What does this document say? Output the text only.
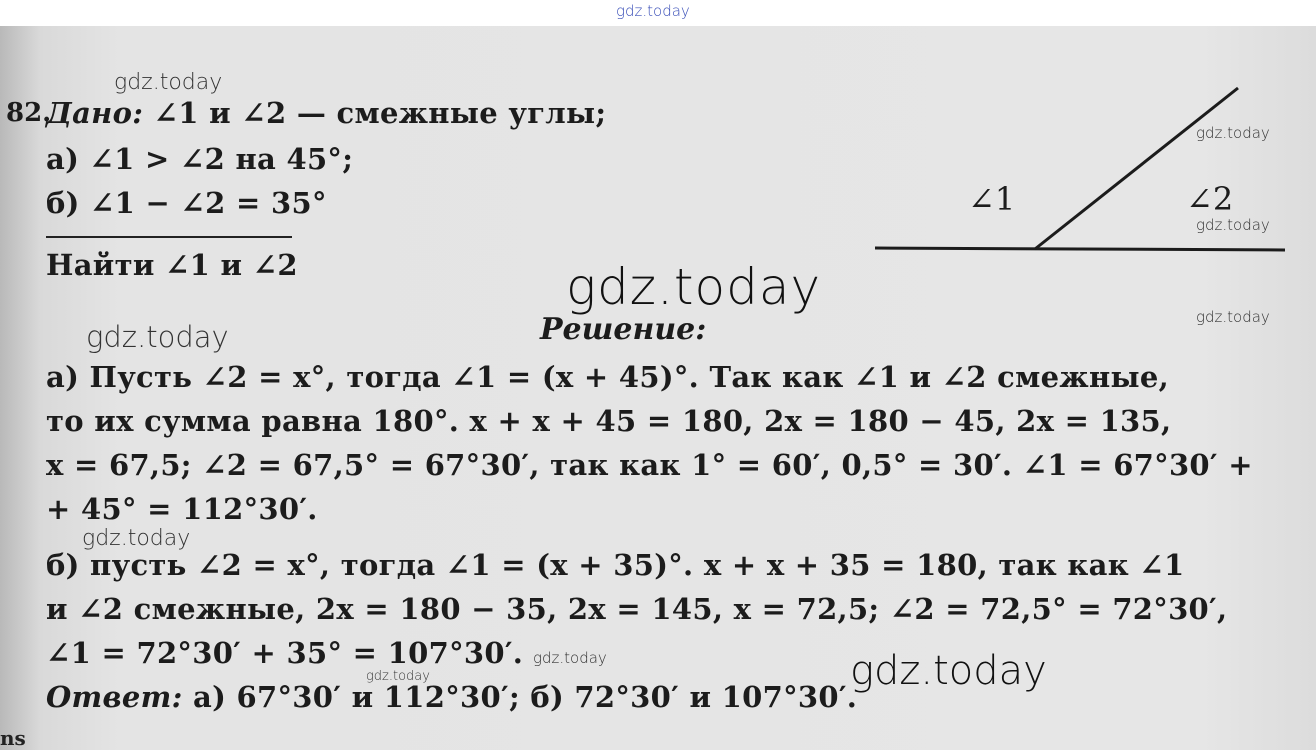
gdz.today
82.
Дано: ∠1 и ∠2 — смежные углы;
а) ∠1 > ∠2 на 45°;
б) ∠1 − ∠2 = 35°
Найти ∠1 и ∠2
∠1	∠2
Решение:
а) Пусть ∠2 = x°, тогда ∠1 = (x + 45)°. Так как ∠1 и ∠2 смежные,
то их сумма равна 180°. x + x + 45 = 180, 2x = 180 − 45, 2x = 135,
x = 67,5; ∠2 = 67,5° = 67°30′, так как 1° = 60′, 0,5° = 30′. ∠1 = 67°30′ +
+ 45° = 112°30′.
б) пусть ∠2 = x°, тогда ∠1 = (x + 35)°. x + x + 35 = 180, так как ∠1
и ∠2 смежные, 2x = 180 − 35, 2x = 145, x = 72,5; ∠2 = 72,5° = 72°30′,
∠1 = 72°30′ + 35° = 107°30′.
Ответ: а) 67°30′ и 112°30′; б) 72°30′ и 107°30′.
ns
gdz.today
gdz.today
gdz.today
gdz.today
gdz.today
gdz.today
gdz.today
gdz.today
gdz.today	gdz.today
